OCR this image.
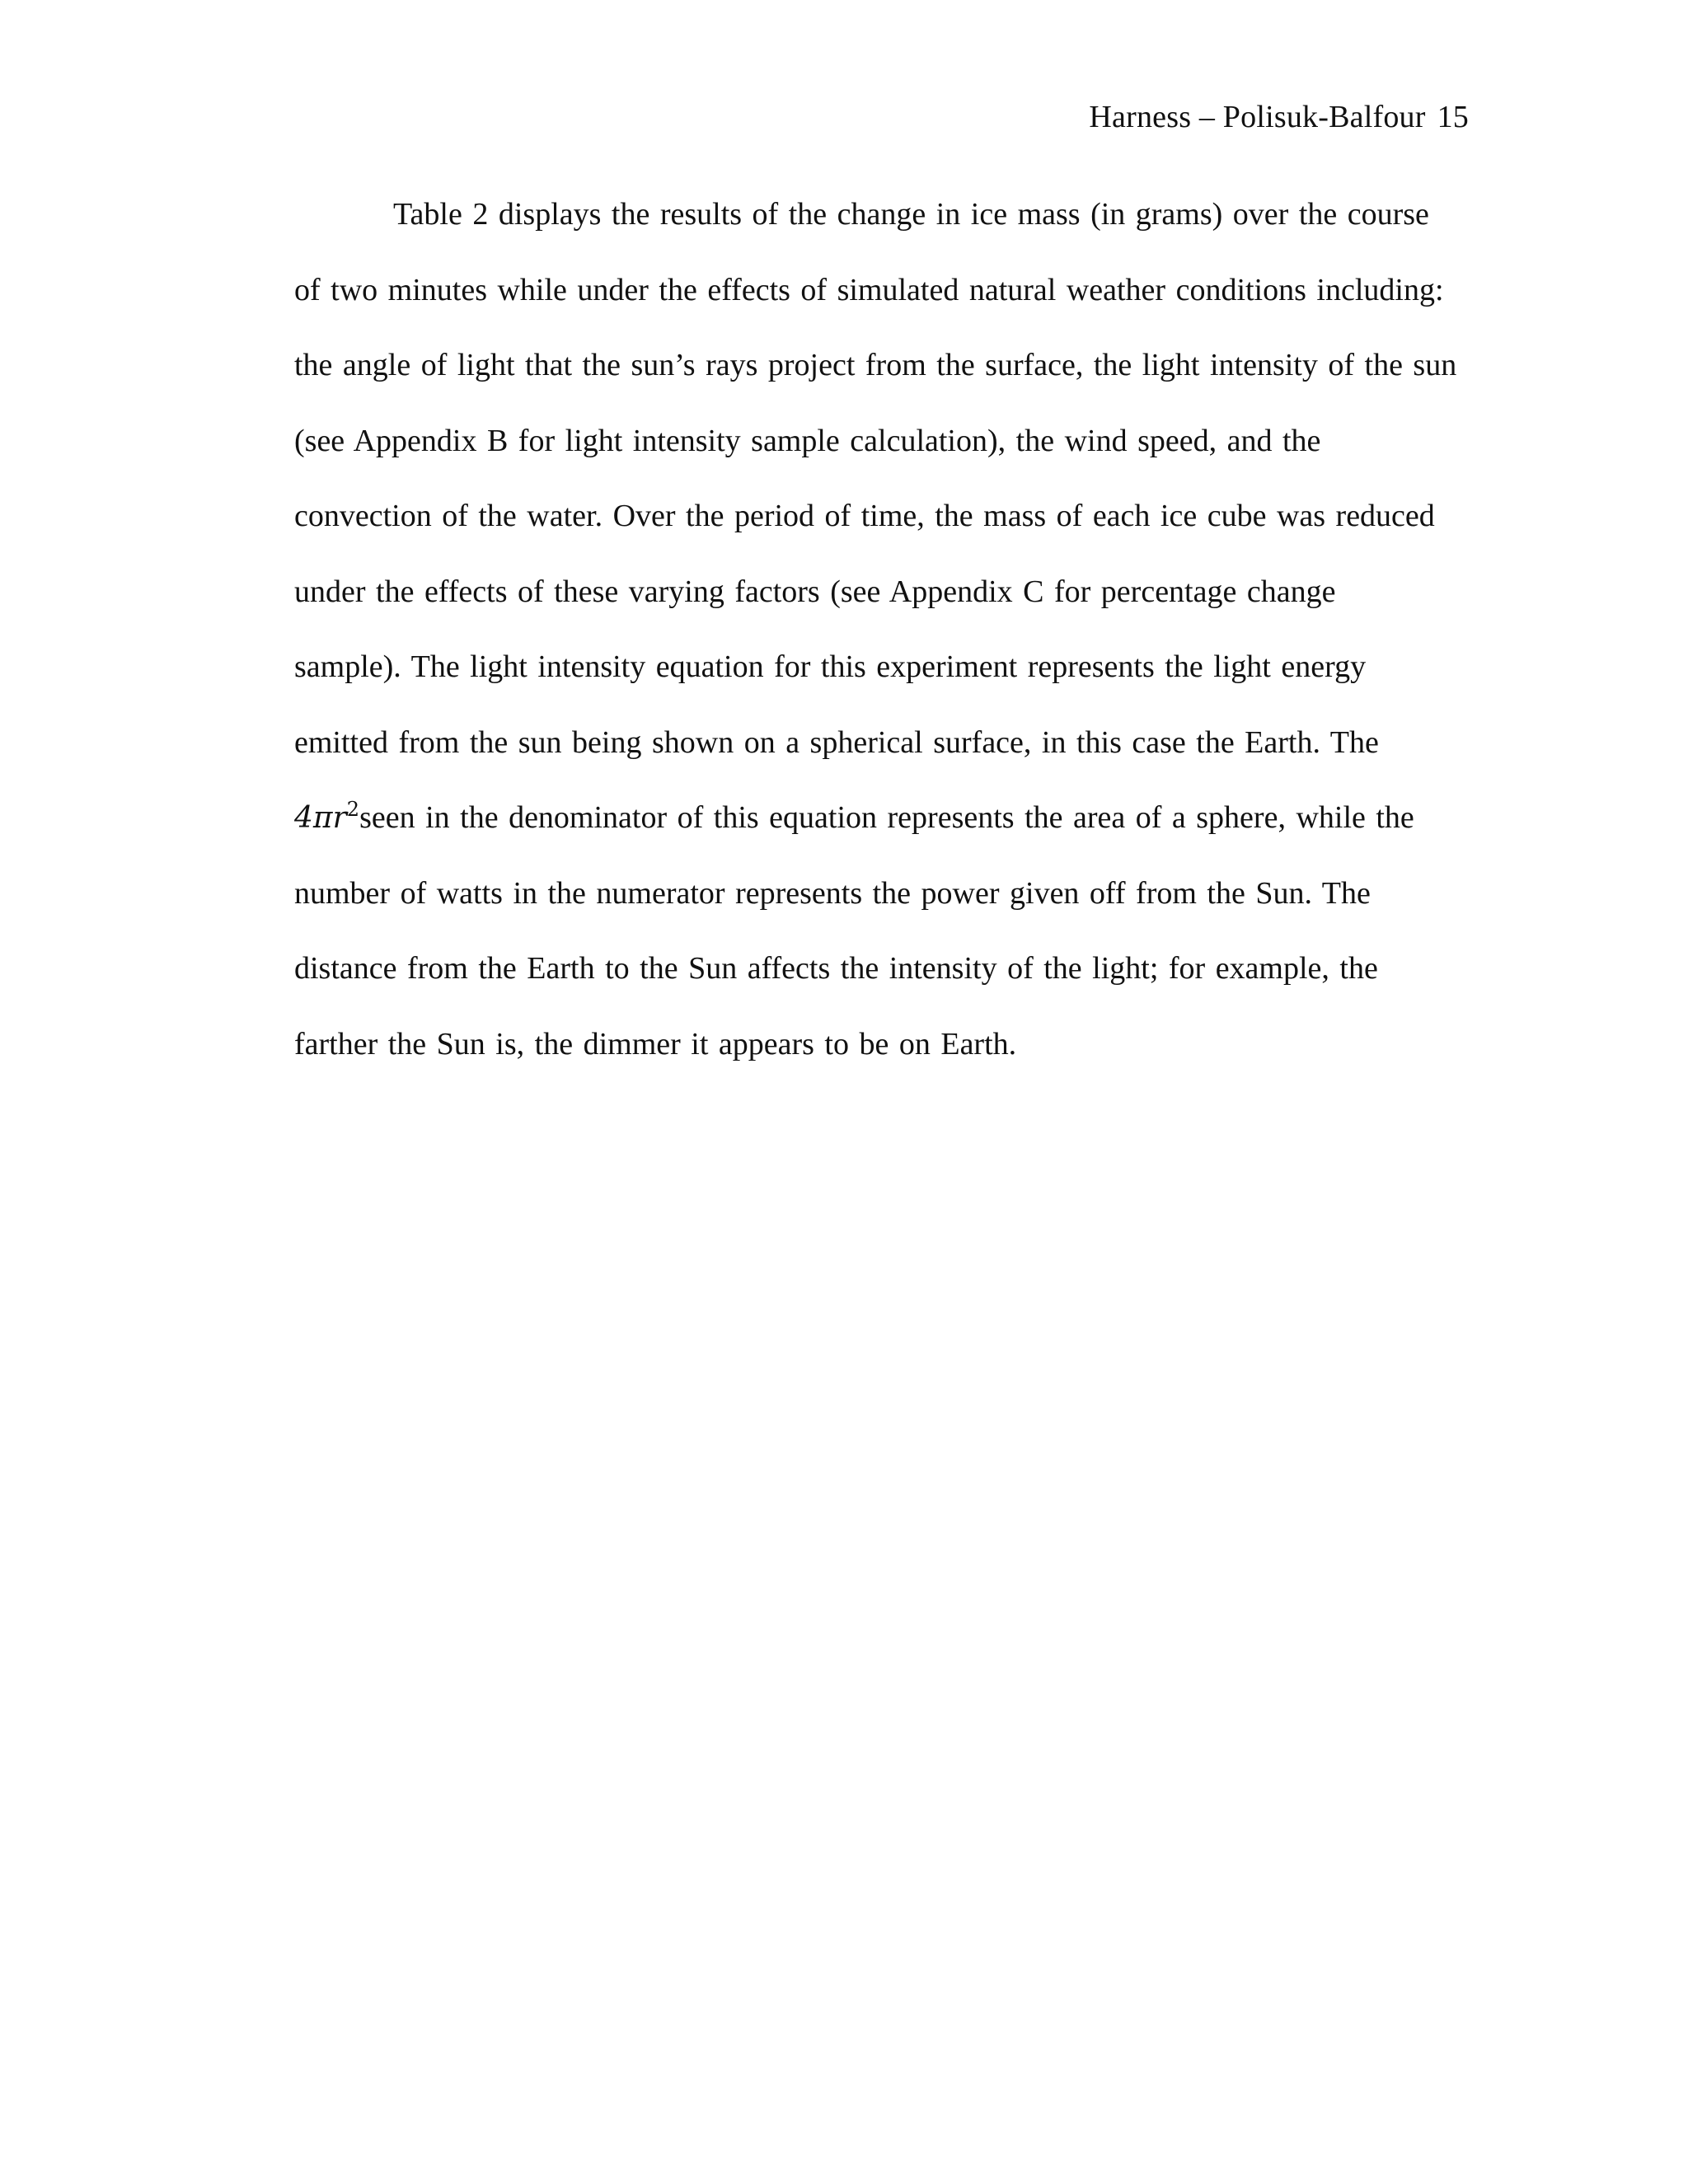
Harness – Polisuk-Balfour 15
Table 2 displays the results of the change in ice mass (in grams) over the course
of two minutes while under the effects of simulated natural weather conditions including:
the angle of light that the sun’s rays project from the surface, the light intensity of the sun
(see Appendix B for light intensity sample calculation), the wind speed, and the
convection of the water. Over the period of time, the mass of each ice cube was reduced
under the effects of these varying factors (see Appendix C for percentage change
sample). The light intensity equation for this experiment represents the light energy
emitted from the sun being shown on a spherical surface, in this case the Earth. The
$4\pi r^2seen$ in the denominator of this equation represents the area of a sphere, while the
number of watts in the numerator represents the power given off from the Sun. The
distance from the Earth to the Sun affects the intensity of the light; for example, the
farther the Sun is, the dimmer it appears to be on Earth.
